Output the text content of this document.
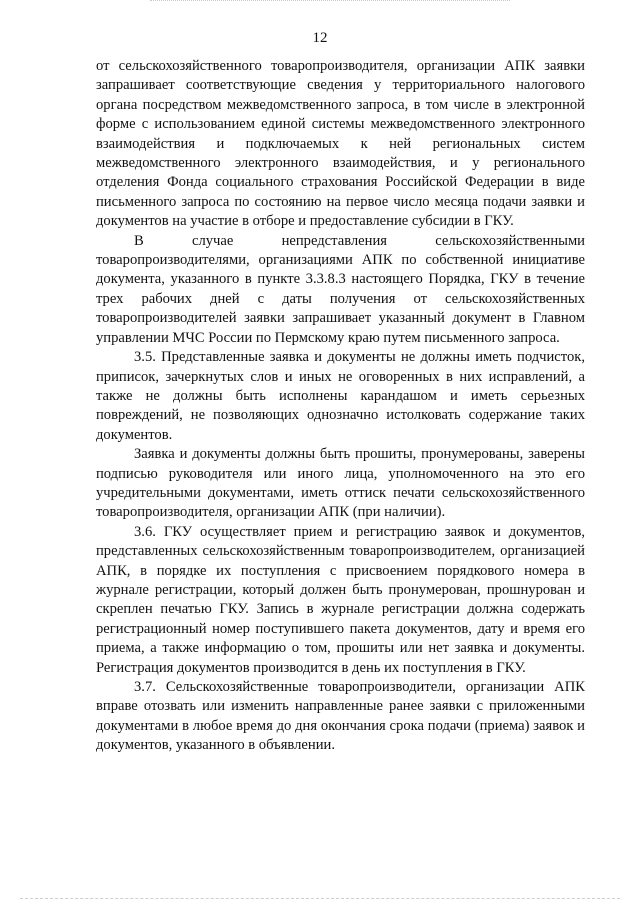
12

от сельскохозяйственного товаропроизводителя, организации АПК заявки запрашивает соответствующие сведения у территориального налогового органа посредством межведомственного запроса, в том числе в электронной форме с использованием единой системы межведомственного электронного взаимодействия и подключаемых к ней региональных систем межведомственного электронного взаимодействия, и у регионального отделения Фонда социального страхования Российской Федерации в виде письменного запроса по состоянию на первое число месяца подачи заявки и документов на участие в отборе и предоставление субсидии в ГКУ.

В случае непредставления сельскохозяйственными товаропроизводителями, организациями АПК по собственной инициативе документа, указанного в пункте 3.3.8.3 настоящего Порядка, ГКУ в течение трех рабочих дней с даты получения от сельскохозяйственных товаропроизводителей заявки запрашивает указанный документ в Главном управлении МЧС России по Пермскому краю путем письменного запроса.

3.5. Представленные заявка и документы не должны иметь подчисток, приписок, зачеркнутых слов и иных не оговоренных в них исправлений, а также не должны быть исполнены карандашом и иметь серьезных повреждений, не позволяющих однозначно истолковать содержание таких документов.

Заявка и документы должны быть прошиты, пронумерованы, заверены подписью руководителя или иного лица, уполномоченного на это его учредительными документами, иметь оттиск печати сельскохозяйственного товаропроизводителя, организации АПК (при наличии).

3.6. ГКУ осуществляет прием и регистрацию заявок и документов, представленных сельскохозяйственным товаропроизводителем, организацией АПК, в порядке их поступления с присвоением порядкового номера в журнале регистрации, который должен быть пронумерован, прошнурован и скреплен печатью ГКУ. Запись в журнале регистрации должна содержать регистрационный номер поступившего пакета документов, дату и время его приема, а также информацию о том, прошиты или нет заявка и документы. Регистрация документов производится в день их поступления в ГКУ.

3.7. Сельскохозяйственные товаропроизводители, организации АПК вправе отозвать или изменить направленные ранее заявки с приложенными документами в любое время до дня окончания срока подачи (приема) заявок и документов, указанного в объявлении.
